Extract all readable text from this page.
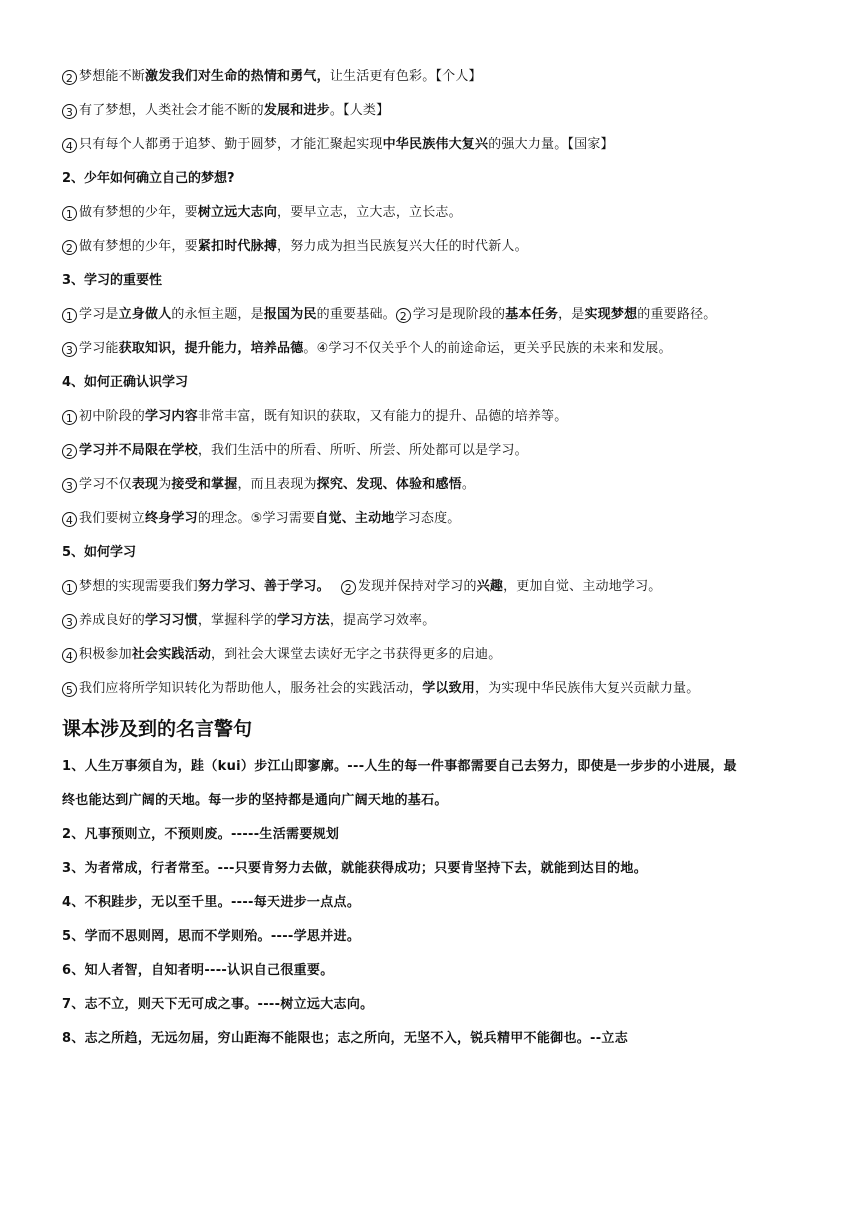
2 梦想能不断激发我们对生命的热情和勇气，让生活更有色彩。【个人】
3 有了梦想，人类社会才能不断的发展和进步。【人类】
4 只有每个人都勇于追梦、勤于圆梦，才能汇聚起实现中华民族伟大复兴的强大力量。【国家】
2、少年如何确立自己的梦想?
1 做有梦想的少年，要树立远大志向，要早立志，立大志，立长志。
2 做有梦想的少年，要紧扣时代脉搏，努力成为担当民族复兴大任的时代新人。
3、学习的重要性
1 学习是立身做人的永恒主题，是报国为民的重要基础。 2 学习是现阶段的基本任务，是实现梦想的重要路径。
3 学习能获取知识，提升能力，培养品德。④学习不仅关乎个人的前途命运，更关乎民族的未来和发展。
4、如何正确认识学习
1 初中阶段的学习内容非常丰富，既有知识的获取，又有能力的提升、品德的培养等。
2 学习并不局限在学校，我们生活中的所看、所听、所尝、所处都可以是学习。
3 学习不仅表现为接受和掌握，而且表现为探究、发现、体验和感悟。
4 我们要树立终身学习的理念。⑤学习需要自觉、主动地学习态度。
5、如何学习
1 梦想的实现需要我们努力学习、善于学习。　 2 发现并保持对学习的兴趣，更加自觉、主动地学习。
3 养成良好的学习习惯，掌握科学的学习方法，提高学习效率。
4 积极参加社会实践活动，到社会大课堂去读好无字之书获得更多的启迪。
5 我们应将所学知识转化为帮助他人，服务社会的实践活动，学以致用，为实现中华民族伟大复兴贡献力量。
课本涉及到的名言警句
1、人生万事须自为，跬（kui）步江山即寥廓。---人生的每一件事都需要自己去努力，即使是一步步的小进展，最
终也能达到广阔的天地。每一步的坚持都是通向广阔天地的基石。
2、凡事预则立，不预则废。-----生活需要规划
3、为者常成，行者常至。---只要肯努力去做，就能获得成功；只要肯坚持下去，就能到达目的地。
4、不积跬步，无以至千里。----每天进步一点点。
5、学而不思则罔，思而不学则殆。----学思并进。
6、知人者智，自知者明----认识自己很重要。
7、志不立，则天下无可成之事。----树立远大志向。
8、志之所趋，无远勿届，穷山距海不能限也；志之所向，无坚不入，锐兵精甲不能御也。--立志
